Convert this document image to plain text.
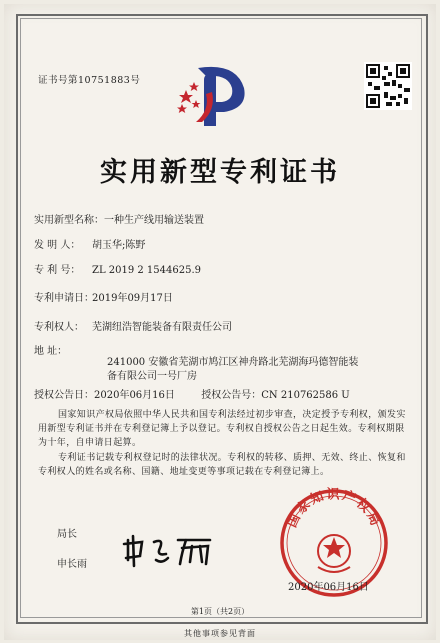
证书号第10751883号
实用新型专利证书
实用新型名称：一种生产线用输送装置
发 明 人： 胡玉华;陈野
专 利 号： ZL 2019 2 1544625.9
专利申请日：2019年09月17日
专利权人： 芜湖纽浩智能装备有限责任公司
地 址：
241000 安徽省芜湖市鸠江区神舟路北芜湖海玛德智能装
备有限公司一号厂房
授权公告日：2020年06月16日	授权公告号：CN 210762586 U
国家知识产权局依照中华人民共和国专利法经过初步审查，决定授予专利权，颁发实用新型专利证书并在专利登记簿上予以登记。专利权自授权公告之日起生效。专利权期限为十年，自申请日起算。
专利证书记载专利权登记时的法律状况。专利权的转移、质押、无效、终止、恢复和专利权人的姓名或名称、国籍、地址变更等事项记载在专利登记簿上。
局长
申长雨
国家知识产权局
2020年06月16日
第1页（共2页）
其他事项参见背面
